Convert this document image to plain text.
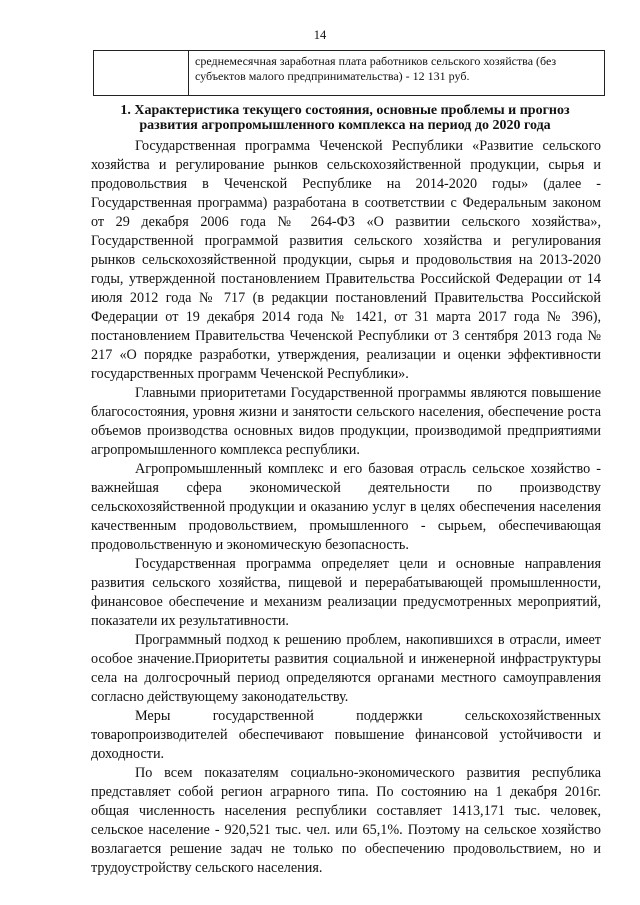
14
	среднемесячная заработная плата работников сельского хозяйства (без субъектов малого предпринимательства) - 12 131 руб.
1. Характеристика текущего состояния, основные проблемы и прогноз развития агропромышленного комплекса на период до 2020 года

Государственная программа Чеченской Республики «Развитие сельского хозяйства и регулирование рынков сельскохозяйственной продукции, сырья и продовольствия в Чеченской Республике на 2014-2020 годы» (далее - Государственная программа) разработана в соответствии с Федеральным законом от 29 декабря 2006 года № 264-ФЗ «О развитии сельского хозяйства», Государственной программой развития сельского хозяйства и регулирования рынков сельскохозяйственной продукции, сырья и продовольствия на 2013-2020 годы, утвержденной постановлением Правительства Российской Федерации от 14 июля 2012 года № 717 (в редакции постановлений Правительства Российской Федерации от 19 декабря 2014 года № 1421, от 31 марта 2017 года № 396), постановлением Правительства Чеченской Республики от 3 сентября 2013 года № 217 «О порядке разработки, утверждения, реализации и оценки эффективности государственных программ Чеченской Республики».

Главными приоритетами Государственной программы являются повышение благосостояния, уровня жизни и занятости сельского населения, обеспечение роста объемов производства основных видов продукции, производимой предприятиями агропромышленного комплекса республики.

Агропромышленный комплекс и его базовая отрасль сельское хозяйство - важнейшая сфера экономической деятельности по производству сельскохозяйственной продукции и оказанию услуг в целях обеспечения населения качественным продовольствием, промышленного - сырьем, обеспечивающая продовольственную и экономическую безопасность.

Государственная программа определяет цели и основные направления развития сельского хозяйства, пищевой и перерабатывающей промышленности, финансовое обеспечение и механизм реализации предусмотренных мероприятий, показатели их результативности.

Программный подход к решению проблем, накопившихся в отрасли, имеет особое значение.Приоритеты развития социальной и инженерной инфраструктуры села на долгосрочный период определяются органами местного самоуправления согласно действующему законодательству.

Меры государственной поддержки сельскохозяйственных товаропроизводителей обеспечивают повышение финансовой устойчивости и доходности.

По всем показателям социально-экономического развития республика представляет собой регион аграрного типа. По состоянию на 1 декабря 2016г. общая численность населения республики составляет 1413,171 тыс. человек, сельское население - 920,521 тыс. чел. или 65,1%. Поэтому на сельское хозяйство возлагается решение задач не только по обеспечению продовольствием, но и трудоустройству сельского населения.
